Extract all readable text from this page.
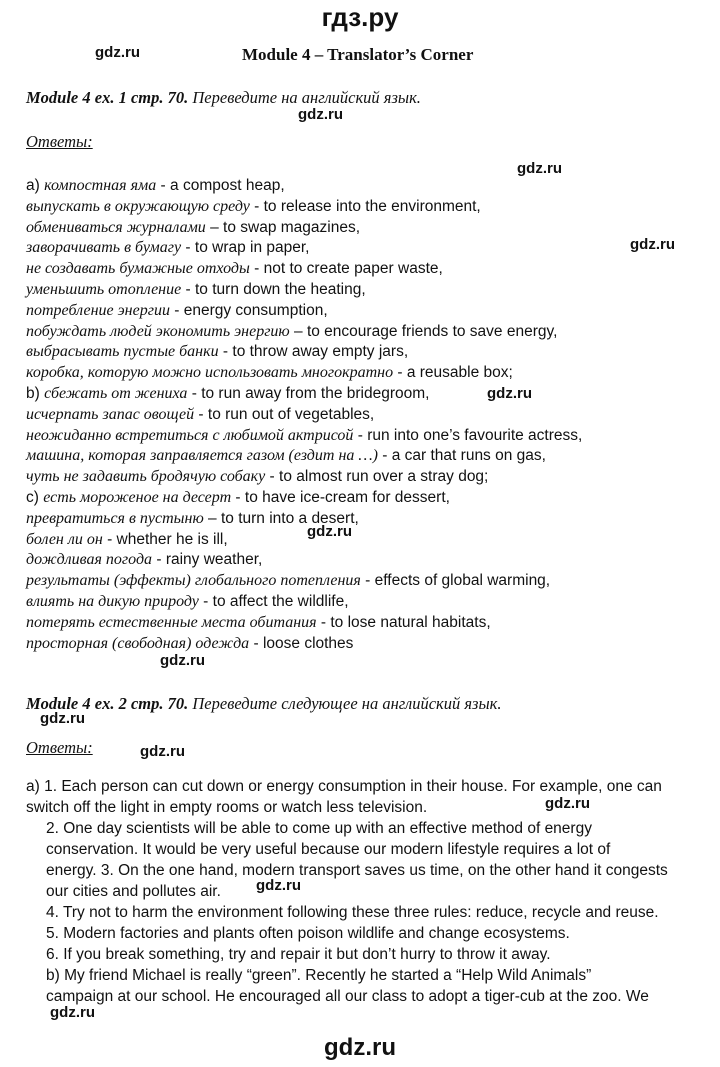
гдз.ру
gdz.ru	Module 4 – Translator’s Corner
Module 4 ex. 1 стр. 70. Переведите на английский язык.
gdz.ru
Ответы:
gdz.ru
gdz.ru
gdz.ru
gdz.ru
gdz.ru
a) компостная яма - a compost heap,
выпускать в окружающую среду - to release into the environment,
обмениваться журналами – to swap magazines,
заворачивать в бумагу - to wrap in paper,
не создавать бумажные отходы - not to create paper waste,
уменьшить отопление - to turn down the heating,
потребление энергии - energy consumption,
побуждать людей экономить энергию – to encourage friends to save energy,
выбрасывать пустые банки - to throw away empty jars,
коробка, которую можно использовать многократно - a reusable box;
b) сбежать от жениха - to run away from the bridegroom,
исчерпать запас овощей - to run out of vegetables,
неожиданно встретиться с любимой актрисой - run into one’s favourite actress,
машина, которая заправляется газом (ездит на …) - a car that runs on gas,
чуть не задавить бродячую собаку - to almost run over a stray dog;
c) есть мороженое на десерт - to have ice-cream for dessert,
превратиться в пустыню – to turn into a desert,
болен ли он - whether he is ill,
дождливая погода - rainy weather,
результаты (эффекты) глобального потепления - effects of global warming,
влиять на дикую природу - to affect the wildlife,
потерять естественные места обитания - to lose natural habitats,
просторная (свободная) одежда - loose clothes
Module 4 ex. 2 стр. 70. Переведите следующее на английский язык.
gdz.ru
Ответы:	gdz.ru
gdz.ru
gdz.ru
gdz.ru
a) 1. Each person can cut down or energy consumption in their house. For example, one can
switch off the light in empty rooms or watch less television.
2. One day scientists will be able to come up with an effective method of energy
conservation. It would be very useful because our modern lifestyle requires a lot of
energy. 3. On the one hand, modern transport saves us time, on the other hand it congests
our cities and pollutes air.
4. Try not to harm the environment following these three rules: reduce, recycle and reuse.
5. Modern factories and plants often poison wildlife and change ecosystems.
6. If you break something, try and repair it but don’t hurry to throw it away.
b) My friend Michael is really “green”. Recently he started a “Help Wild Animals”
campaign at our school. He encouraged all our class to adopt a tiger-cub at the zoo. We
gdz.ru
